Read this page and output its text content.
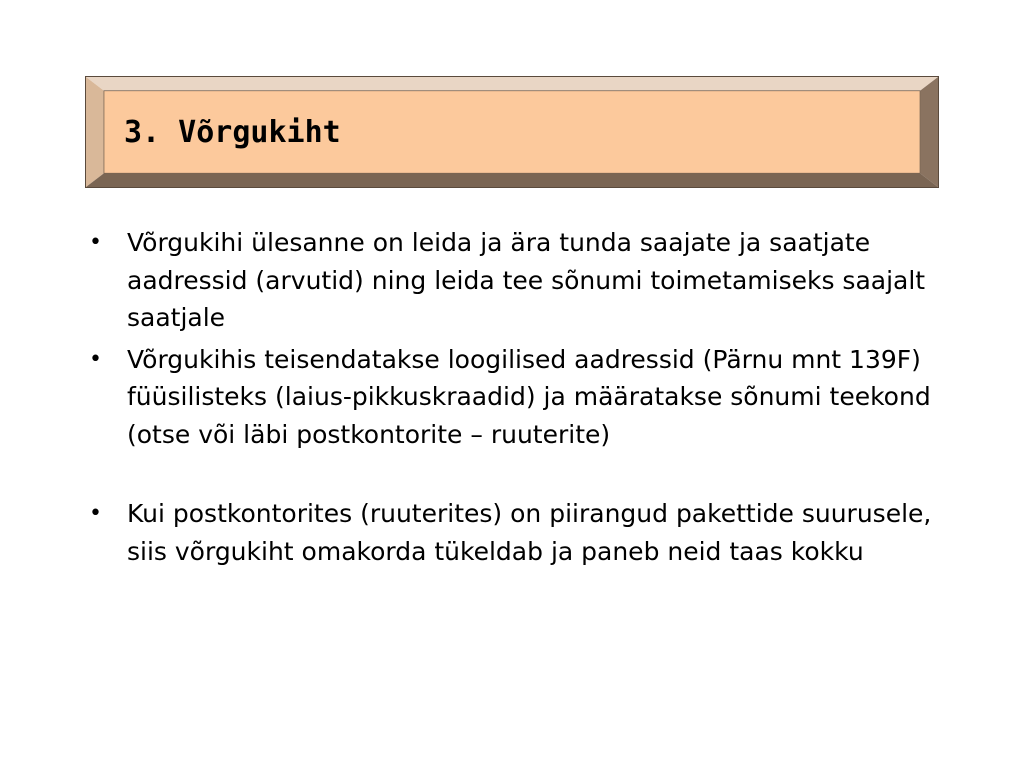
3. Võrgukiht
• Võrgukihi ülesanne on leida ja ära tunda saajate ja saatjate aadressid (arvutid) ning leida tee sõnumi toimetamiseks saajalt saatjale
• Võrgukihis teisendatakse loogilised aadressid (Pärnu mnt 139F) füüsilisteks (laius-pikkuskraadid) ja määratakse sõnumi teekond (otse või läbi postkontorite – ruuterite)
• Kui postkontorites (ruuterites) on piirangud pakettide suurusele, siis võrgukiht omakorda tükeldab ja paneb neid taas kokku
